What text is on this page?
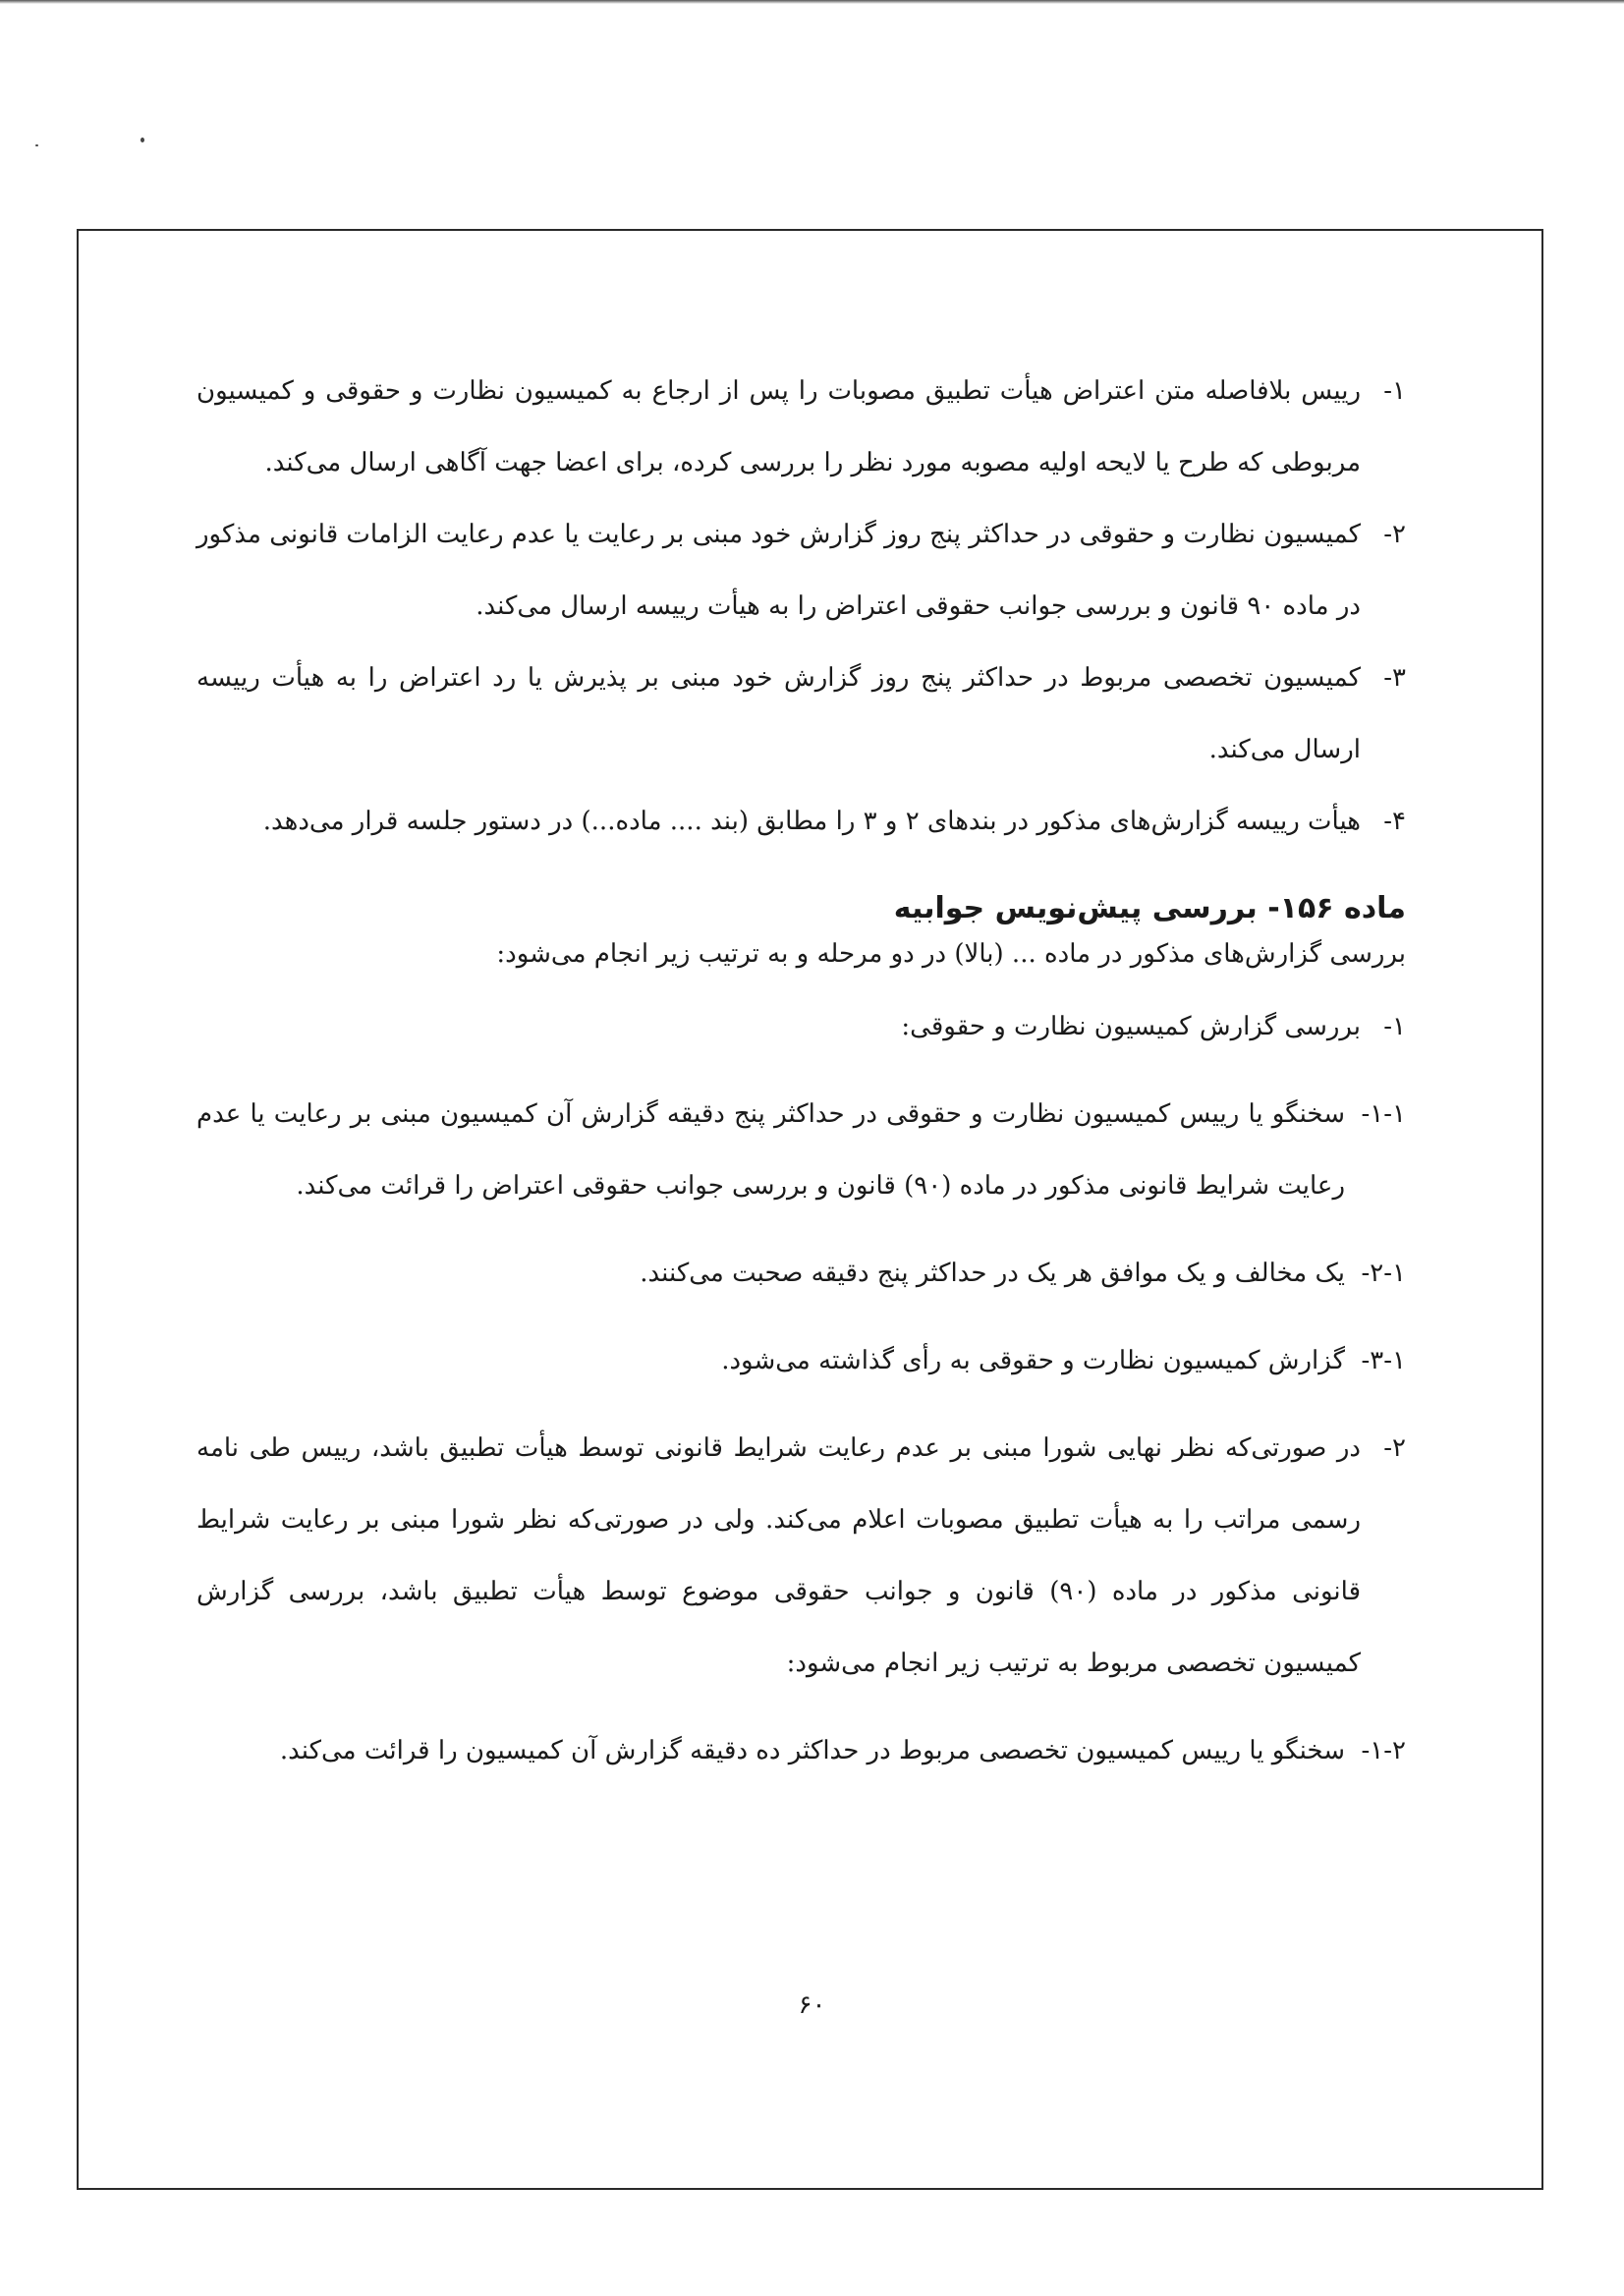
۱-
رییس بلافاصله متن اعتراض هیأت تطبیق مصوبات را پس از ارجاع به کمیسیون نظارت و حقوقی و کمیسیون مربوطی که طرح یا لایحه اولیه مصوبه مورد نظر را بررسی کرده، برای اعضا جهت آگاهی ارسال می‌کند.
۲-
کمیسیون نظارت و حقوقی در حداکثر پنج روز گزارش خود مبنی بر رعایت یا عدم رعایت الزامات قانونی مذکور در ماده ۹۰ قانون و بررسی جوانب حقوقی اعتراض را به هیأت رییسه ارسال می‌کند.
۳-
کمیسیون تخصصی مربوط در حداکثر پنج روز گزارش خود مبنی بر پذیرش یا رد اعتراض را به هیأت رییسه ارسال می‌کند.
۴-
هیأت رییسه گزارش‌های مذکور در بندهای ۲ و ۳ را مطابق (بند .... ماده...) در دستور جلسه قرار می‌دهد.
ماده ۱۵۶- بررسی پیش‌نویس جوابیه
بررسی گزارش‌های مذکور در ماده ... (بالا) در دو مرحله و به ترتیب زیر انجام می‌شود:
۱-
بررسی گزارش کمیسیون نظارت و حقوقی:
۱-۱-
سخنگو یا رییس کمیسیون نظارت و حقوقی در حداکثر پنج دقیقه گزارش آن کمیسیون مبنی بر رعایت یا عدم رعایت شرایط قانونی مذکور در ماده (۹۰) قانون و بررسی جوانب حقوقی اعتراض را قرائت می‌کند.
۲-۱-
یک مخالف و یک موافق هر یک در حداکثر پنج دقیقه صحبت می‌کنند.
۳-۱-
گزارش کمیسیون نظارت و حقوقی به رأی گذاشته می‌شود.
۲-
در صورتی‌که نظر نهایی شورا مبنی بر عدم رعایت شرایط قانونی توسط هیأت تطبیق باشد، رییس طی نامه رسمی مراتب را به هیأت تطبیق مصوبات اعلام می‌کند. ولی در صورتی‌که نظر شورا مبنی بر رعایت شرایط قانونی مذکور در ماده (۹۰) قانون و جوانب حقوقی موضوع توسط هیأت تطبیق باشد، بررسی گزارش کمیسیون تخصصی مربوط به ترتیب زیر انجام می‌شود:
۱-۲-
سخنگو یا رییس کمیسیون تخصصی مربوط در حداکثر ده دقیقه گزارش آن کمیسیون را قرائت می‌کند.
۶۰
